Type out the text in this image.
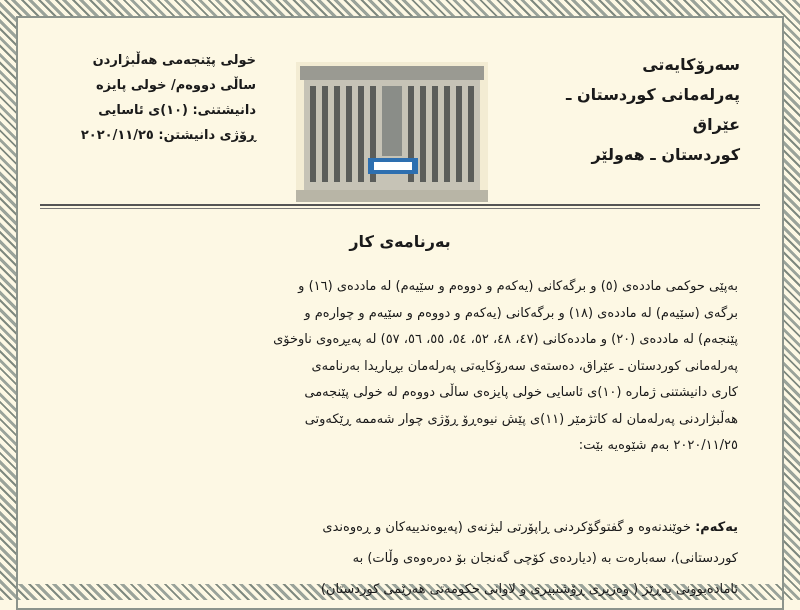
سەرۆکایەتی
پەرلەمانی کوردستان ـ عێراق
کوردستان ـ هەولێر
خولی پێنجەمی هەڵبژاردن
ساڵی دووەم/ خولی پایزە
دانیشتنی: (١٠)ی ئاسایی
ڕۆژی دانیشتن: ٢٠٢٠/١١/٢٥
بەرنامەی کار
بەپێی حوکمی ماددەی (٥) و برگەکانی (یەکەم و دووەم و سێیەم) لە ماددەی (١٦) و
برگەی (سێیەم) لە ماددەی (١٨) و برگەکانی (یەکەم و دووەم و سێیەم و چوارەم و
پێنجەم) لە ماددەی (٢٠) و ماددەکانی (٤٧، ٤٨، ٥٢، ٥٤، ٥٥، ٥٦، ٥٧) لە پەیڕەوی ناوخۆی
پەرلەمانی کوردستان ـ عێراق، دەستەی سەرۆکایەتی پەرلەمان بڕیاریدا بەرنامەی
کاری دانیشتنی ژمارە (١٠)ی ئاسایی خولی پایزەی ساڵی دووەم لە خولی پێنجەمی
هەڵبژاردنی پەرلەمان لە کاتژمێر (١١)ی پێش نیوەڕۆ ڕۆژی چوار شەممە ڕێکەوتی
٢٠٢٠/١١/٢٥ بەم شێوەیە بێت:
یەکەم: خوێندنەوە و گفتوگۆکردنی ڕاپۆرتی لیژنەی (پەیوەندییەکان و ڕەوەندی
کوردستانی)، سەبارەت بە (دیاردەی کۆچی گەنجان بۆ دەرەوەی وڵات) بە
ئامادەبوونی بەڕێز ( وەزیری ڕۆشنبیری و لاوانی حکومەتی هەرێمی کوردستان)
